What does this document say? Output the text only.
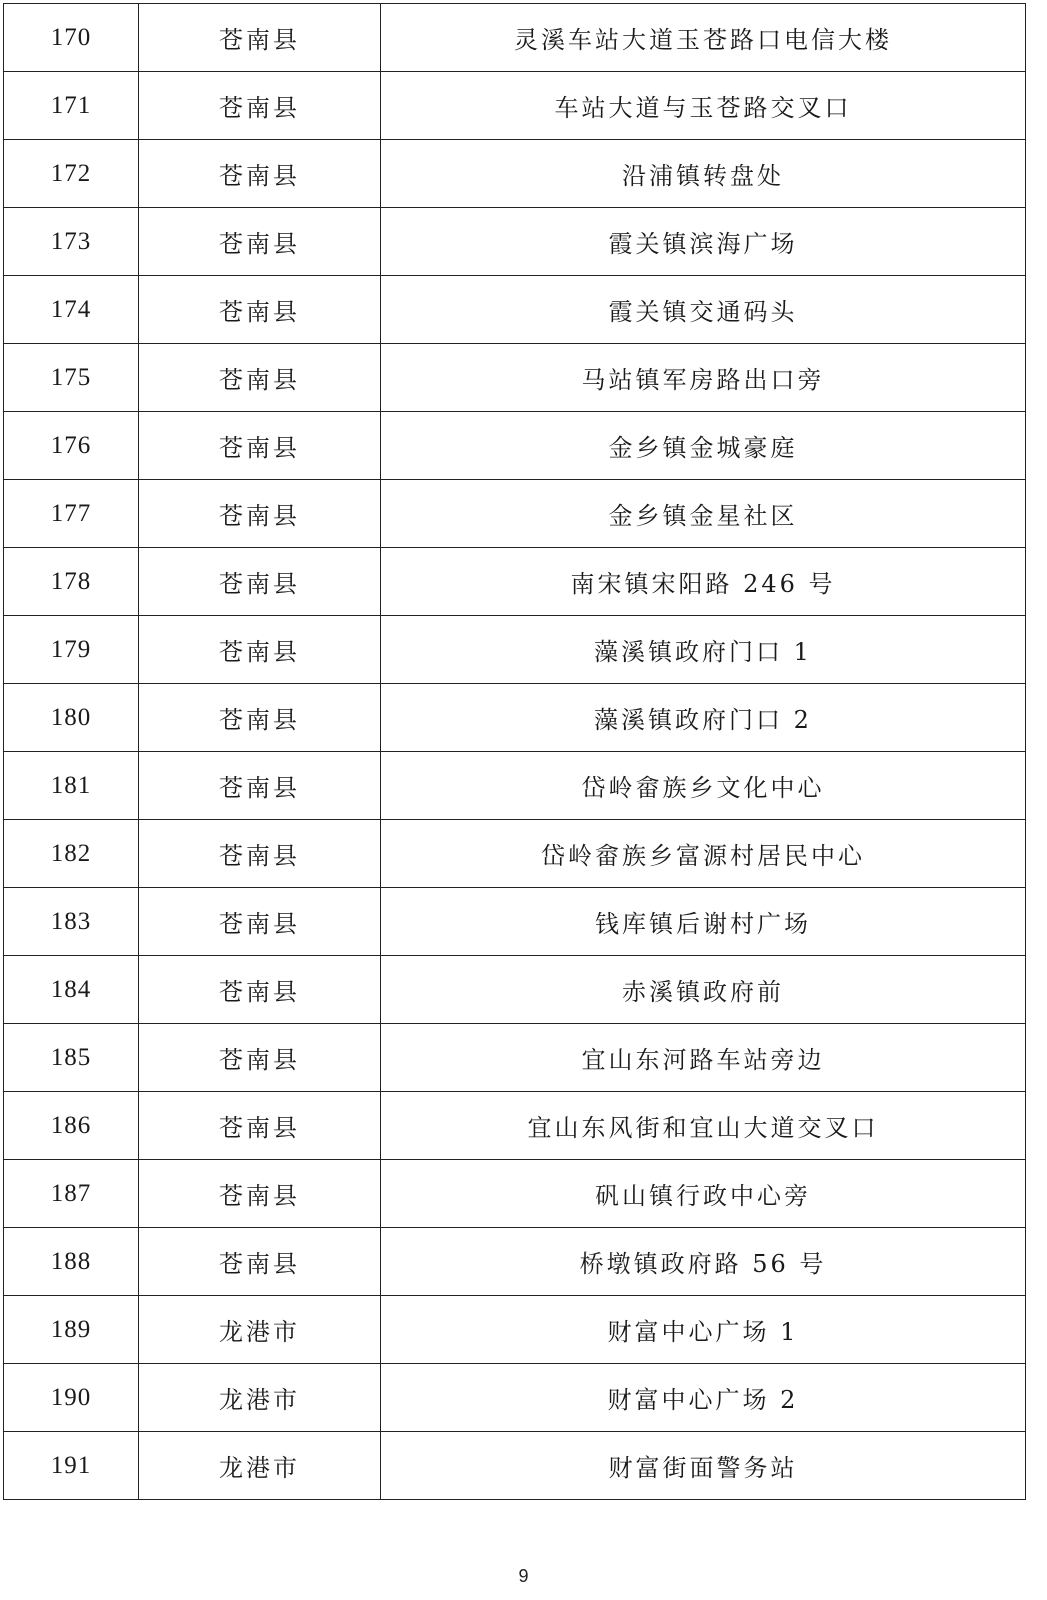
170	苍南县	灵溪车站大道玉苍路口电信大楼
171	苍南县	车站大道与玉苍路交叉口
172	苍南县	沿浦镇转盘处
173	苍南县	霞关镇滨海广场
174	苍南县	霞关镇交通码头
175	苍南县	马站镇军房路出口旁
176	苍南县	金乡镇金城豪庭
177	苍南县	金乡镇金星社区
178	苍南县	南宋镇宋阳路 246 号
179	苍南县	藻溪镇政府门口 1
180	苍南县	藻溪镇政府门口 2
181	苍南县	岱岭畲族乡文化中心
182	苍南县	岱岭畲族乡富源村居民中心
183	苍南县	钱库镇后谢村广场
184	苍南县	赤溪镇政府前
185	苍南县	宜山东河路车站旁边
186	苍南县	宜山东风街和宜山大道交叉口
187	苍南县	矾山镇行政中心旁
188	苍南县	桥墩镇政府路 56 号
189	龙港市	财富中心广场 1
190	龙港市	财富中心广场 2
191	龙港市	财富街面警务站
9
